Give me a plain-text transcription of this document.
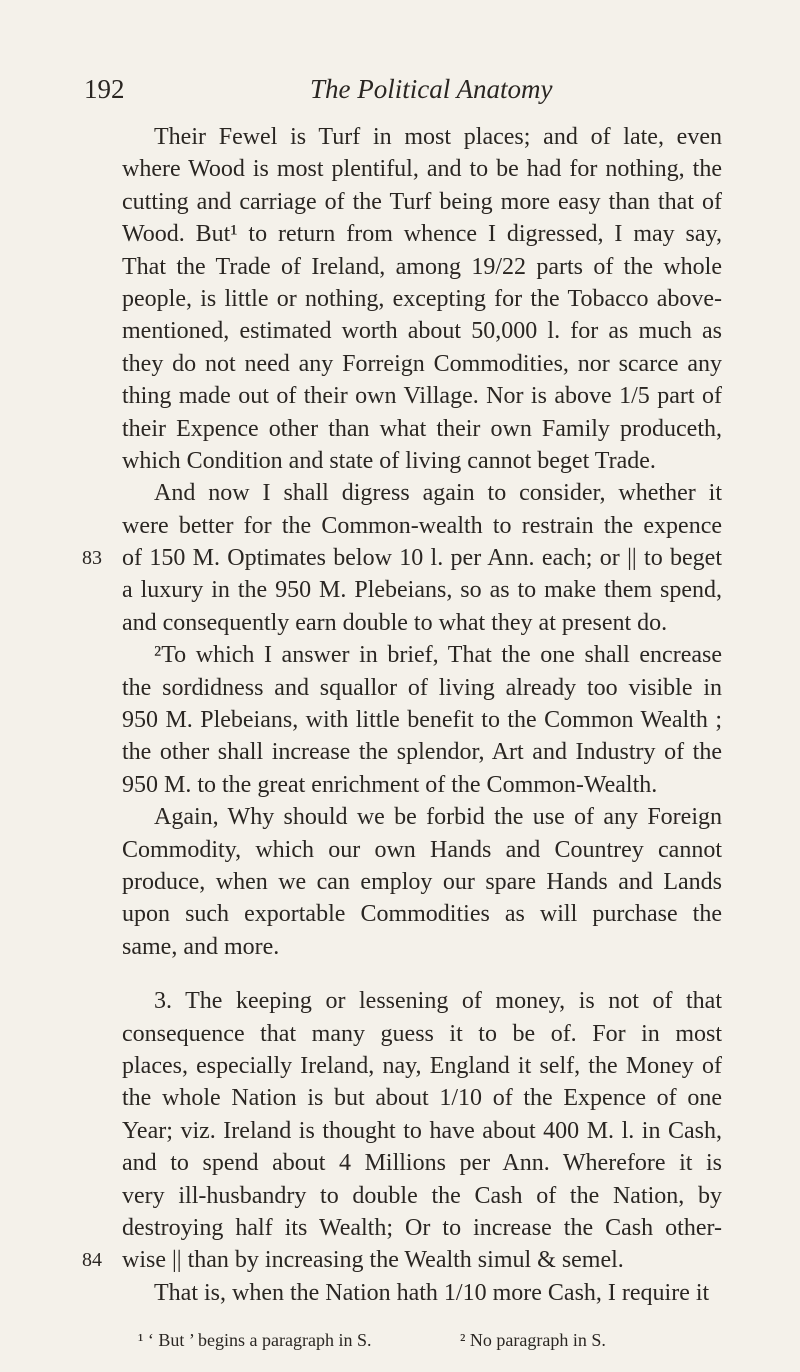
192	The Political Anatomy
Their Fewel is Turf in most places; and of late, even
where Wood is most plentiful, and to be had for nothing, the
cutting and carriage of the Turf being more easy than that of
Wood. But¹ to return from whence I digressed, I may say,
That the Trade of Ireland, among 19/22 parts of the whole
people, is little or nothing, excepting for the Tobacco above-
mentioned, estimated worth about 50,000 l. for as much as
they do not need any Forreign Commodities, nor scarce any
thing made out of their own Village. Nor is above 1/5 part of
their Expence other than what their own Family produceth,
which Condition and state of living cannot beget Trade.
And now I shall digress again to consider, whether it
were better for the Common-wealth to restrain the expence
83 of 150 M. Optimates below 10 l. per Ann. each; or || to beget
a luxury in the 950 M. Plebeians, so as to make them spend,
and consequently earn double to what they at present do.
²To which I answer in brief, That the one shall encrease
the sordidness and squallor of living already too visible in
950 M. Plebeians, with little benefit to the Common Wealth ;
the other shall increase the splendor, Art and Industry of the
950 M. to the great enrichment of the Common-Wealth.
Again, Why should we be forbid the use of any Foreign
Commodity, which our own Hands and Countrey cannot
produce, when we can employ our spare Hands and Lands
upon such exportable Commodities as will purchase the
same, and more.
3. The keeping or lessening of money, is not of that
consequence that many guess it to be of. For in most
places, especially Ireland, nay, England it self, the Money of
the whole Nation is but about 1/10 of the Expence of one
Year; viz. Ireland is thought to have about 400 M. l. in Cash,
and to spend about 4 Millions per Ann. Wherefore it is
very ill-husbandry to double the Cash of the Nation, by
destroying half its Wealth; Or to increase the Cash other-
84 wise || than by increasing the Wealth simul & semel.
That is, when the Nation hath 1/10 more Cash, I require it
¹ ‘ But ’ begins a paragraph in S.	² No paragraph in S.
